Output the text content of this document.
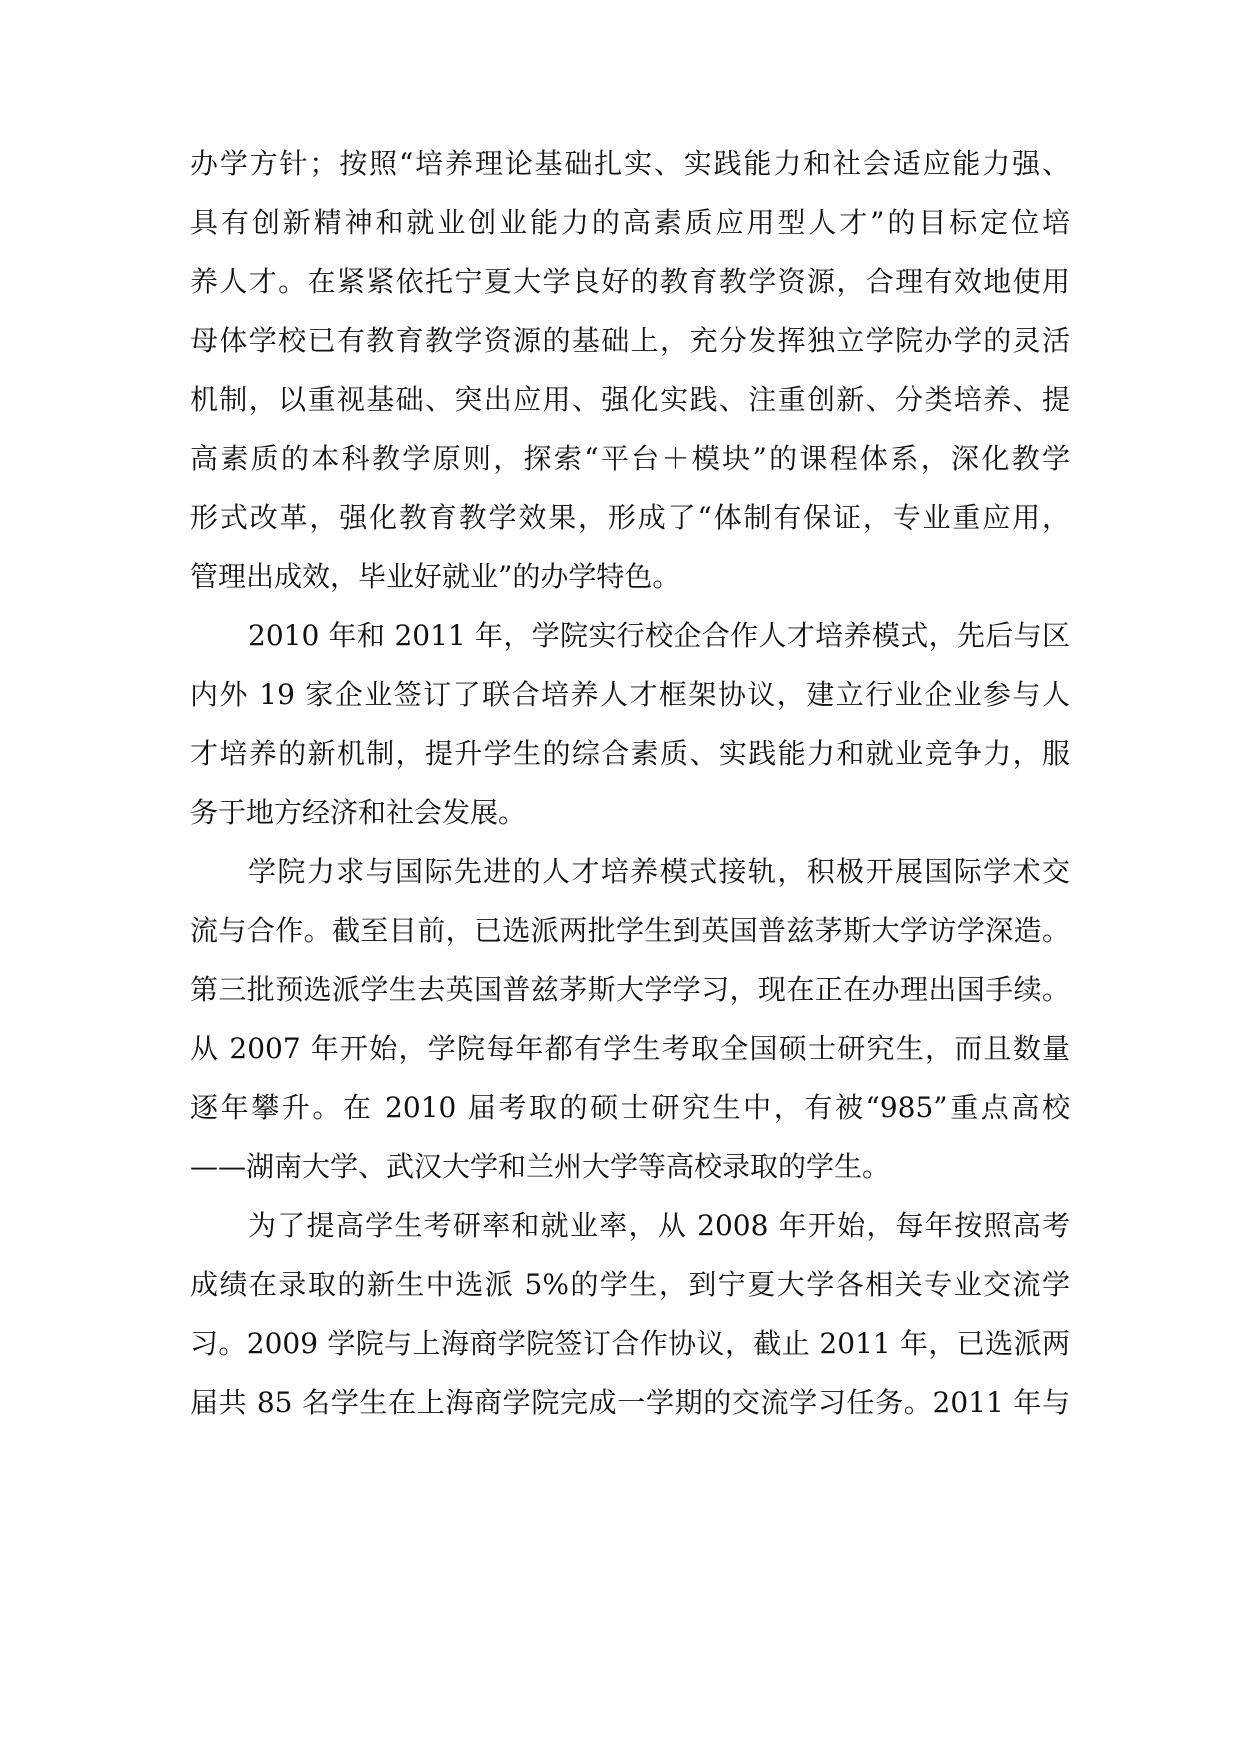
办学方针；按照“培养理论基础扎实、实践能力和社会适应能力强、
具有创新精神和就业创业能力的高素质应用型人才”的目标定位培
养人才。在紧紧依托宁夏大学良好的教育教学资源，合理有效地使用
母体学校已有教育教学资源的基础上，充分发挥独立学院办学的灵活
机制，以重视基础、突出应用、强化实践、注重创新、分类培养、提
高素质的本科教学原则，探索“平台＋模块”的课程体系，深化教学
形式改革，强化教育教学效果，形成了“体制有保证，专业重应用，
管理出成效，毕业好就业”的办学特色。
2010 年和 2011 年，学院实行校企合作人才培养模式，先后与区
内外 19 家企业签订了联合培养人才框架协议，建立行业企业参与人
才培养的新机制，提升学生的综合素质、实践能力和就业竞争力，服
务于地方经济和社会发展。
学院力求与国际先进的人才培养模式接轨，积极开展国际学术交
流与合作。截至目前，已选派两批学生到英国普兹茅斯大学访学深造。
第三批预选派学生去英国普兹茅斯大学学习，现在正在办理出国手续。
从 2007 年开始，学院每年都有学生考取全国硕士研究生，而且数量
逐年攀升。在 2010 届考取的硕士研究生中，有被“985”重点高校
——湖南大学、武汉大学和兰州大学等高校录取的学生。
为了提高学生考研率和就业率，从 2008 年开始，每年按照高考
成绩在录取的新生中选派 5%的学生，到宁夏大学各相关专业交流学
习。2009 学院与上海商学院签订合作协议，截止 2011 年，已选派两
届共 85 名学生在上海商学院完成一学期的交流学习任务。2011 年与
